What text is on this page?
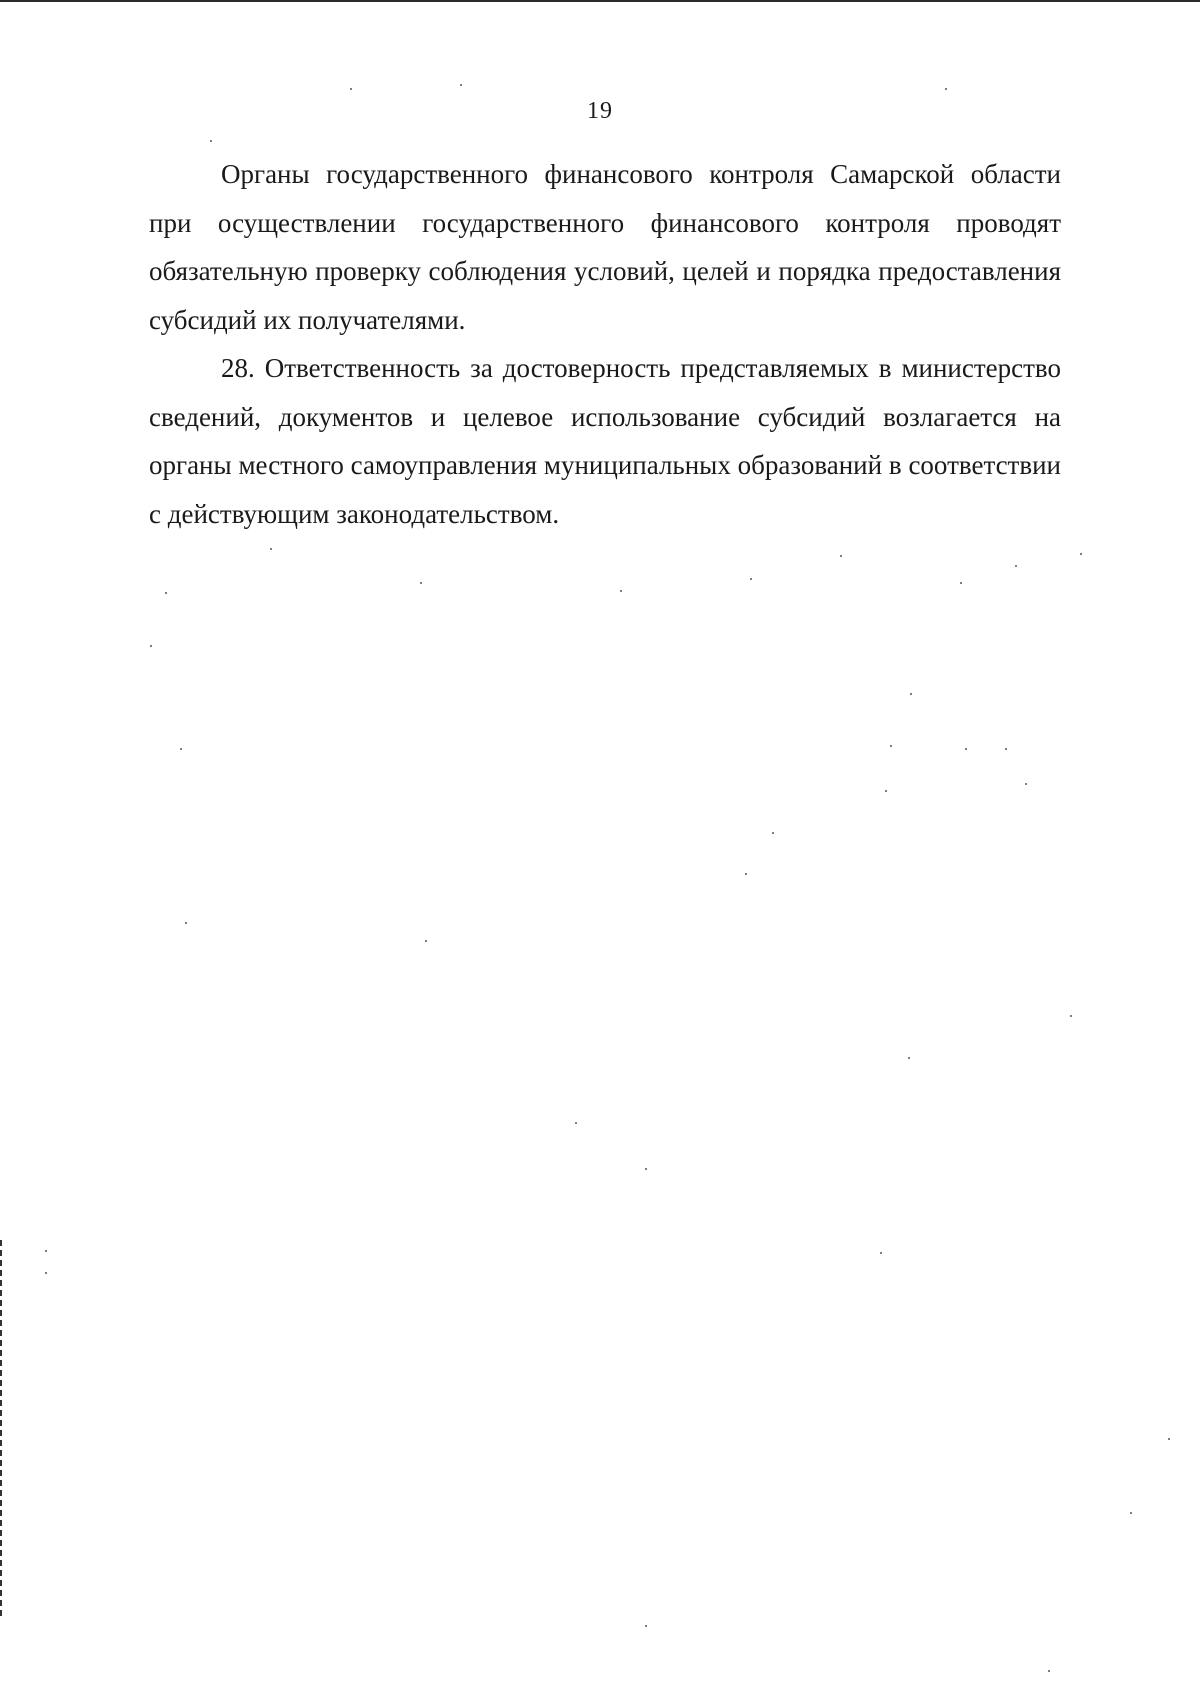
19

Органы государственного финансового контроля Самарской области при осуществлении государственного финансового контроля проводят обязательную проверку соблюдения условий, целей и порядка предоставления субсидий их получателями.

28. Ответственность за достоверность представляемых в министерство сведений, документов и целевое использование субсидий возлагается на органы местного самоуправления муниципальных образований в соответствии с действующим законодательством.
